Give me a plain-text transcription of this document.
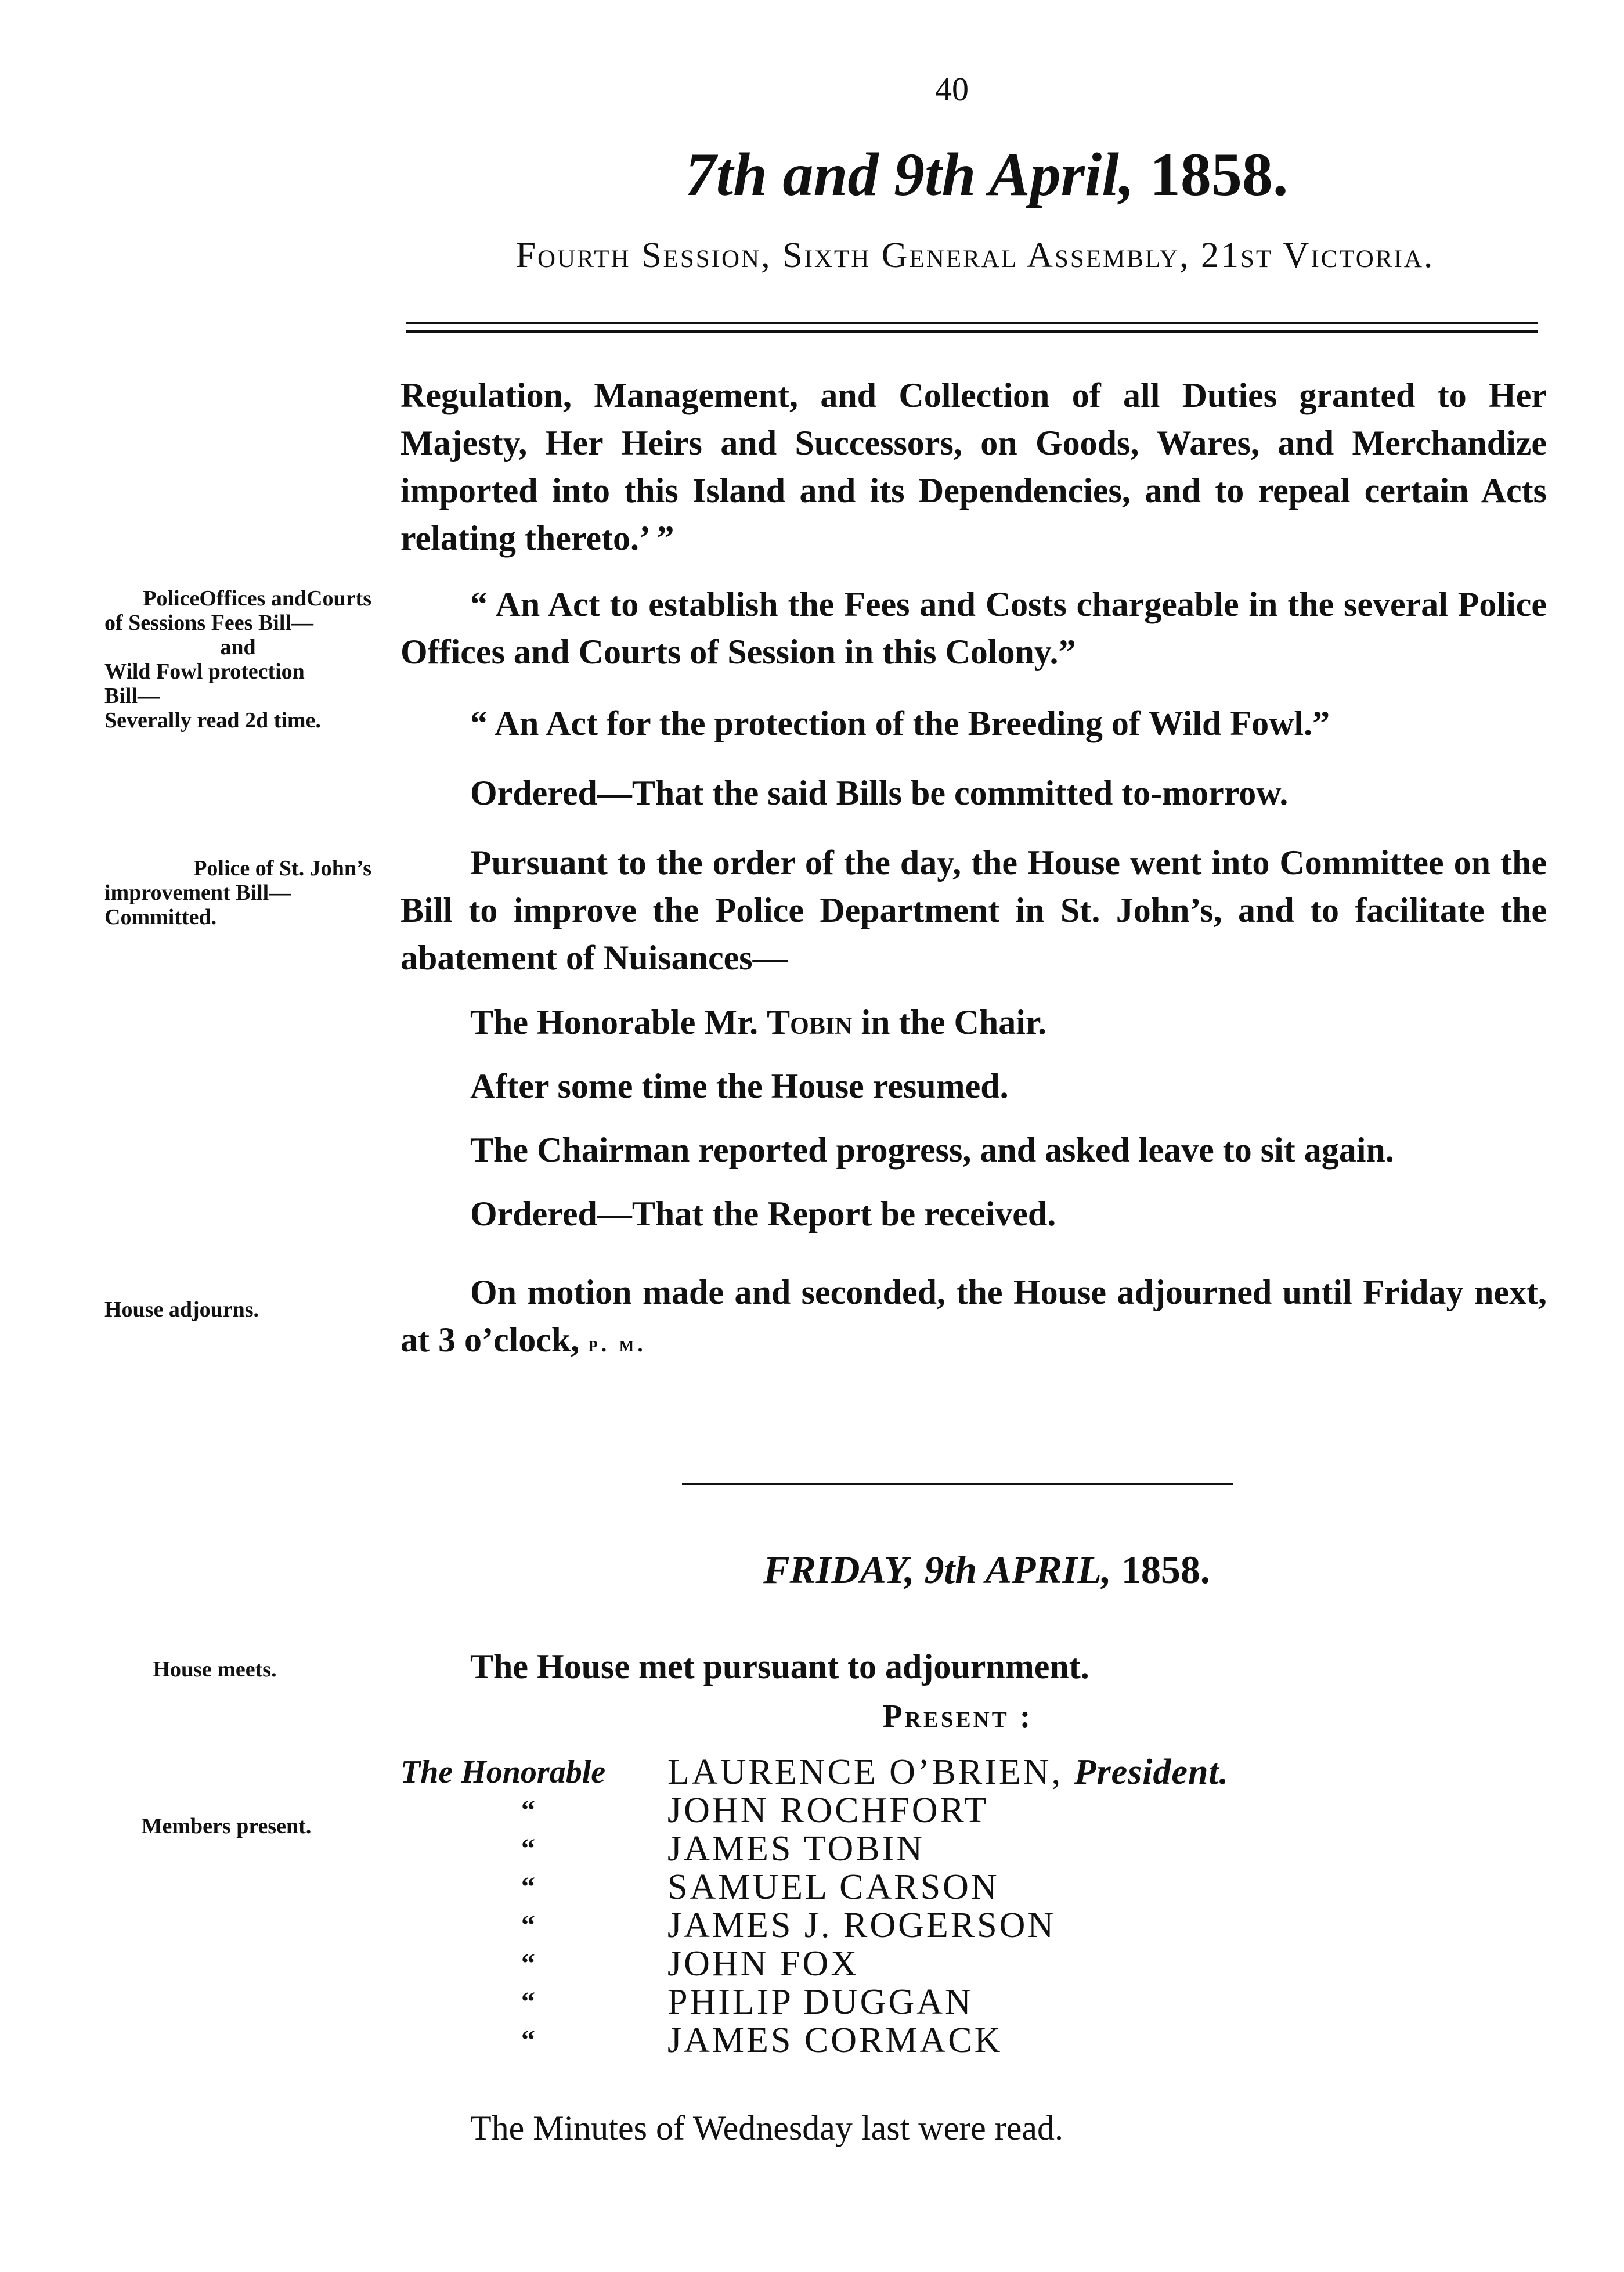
40
7th and 9th April, 1858.
Fourth Session, Sixth General Assembly, 21st Victoria.

Regulation, Management, and Collection of all Duties granted to Her Majesty, Her Heirs and Successors, on Goods, Wares, and Merchandize imported into this Island and its Dependencies, and to repeal certain Acts relating thereto.’ ”

“ An Act to establish the Fees and Costs chargeable in the several Police Offices and Courts of Session in this Colony.”

“ An Act for the protection of the Breeding of Wild Fowl.”
Ordered—That the said Bills be committed to-morrow.

Pursuant to the order of the day, the House went into Committee on the Bill to improve the Police Department in St. John’s, and to facilitate the abatement of Nuisances—

The Honorable Mr. Tobin in the Chair.
After some time the House resumed.
The Chairman reported progress, and asked leave to sit again.
Ordered—That the Report be received.

On motion made and seconded, the House adjourned until Friday next, at 3 o’clock, p. m.

PoliceOffices andCourts
of Sessions Fees Bill—
and
Wild Fowl protection
Bill—
Severally read 2d time.
Police of St. John’s
improvement Bill—
Committed.
House adjourns.
FRIDAY, 9th APRIL, 1858.
The House met pursuant to adjournment.
House meets.
Present :
Members present.
The Honorable	LAURENCE O’BRIEN, President.
“	JOHN ROCHFORT
“	JAMES TOBIN
“	SAMUEL CARSON
“	JAMES J. ROGERSON
“	JOHN FOX
“	PHILIP DUGGAN
“	JAMES CORMACK
The Minutes of Wednesday last were read.
